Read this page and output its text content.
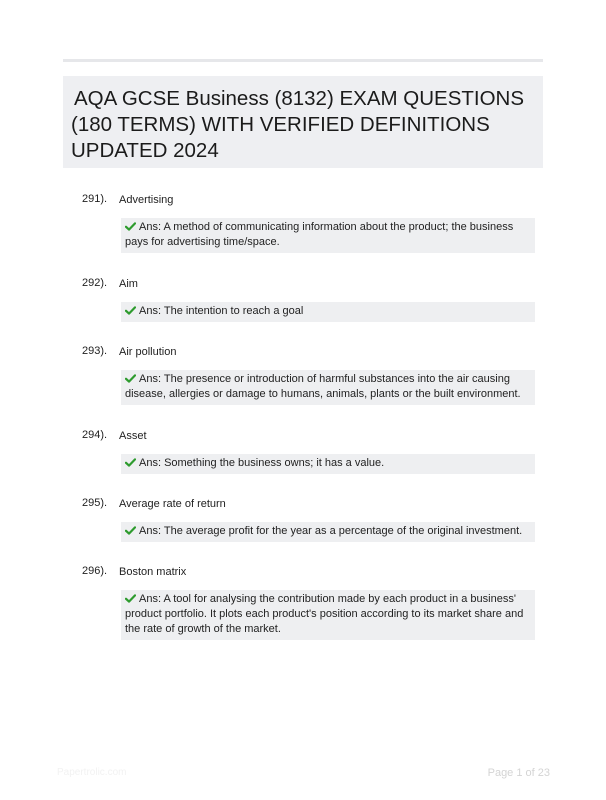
AQA GCSE Business (8132) EXAM QUESTIONS (180 TERMS) WITH VERIFIED DEFINITIONS UPDATED 2024
291). Advertising
Ans: A method of communicating information about the product; the business pays for advertising time/space.
292). Aim
Ans: The intention to reach a goal
293). Air pollution
Ans: The presence or introduction of harmful substances into the air causing disease, allergies or damage to humans, animals, plants or the built environment.
294). Asset
Ans: Something the business owns; it has a value.
295). Average rate of return
Ans: The average profit for the year as a percentage of the original investment.
296). Boston matrix
Ans: A tool for analysing the contribution made by each product in a business' product portfolio. It plots each product's position according to its market share and the rate of growth of the market.
Papertrolic.com	Page 1 of 23
